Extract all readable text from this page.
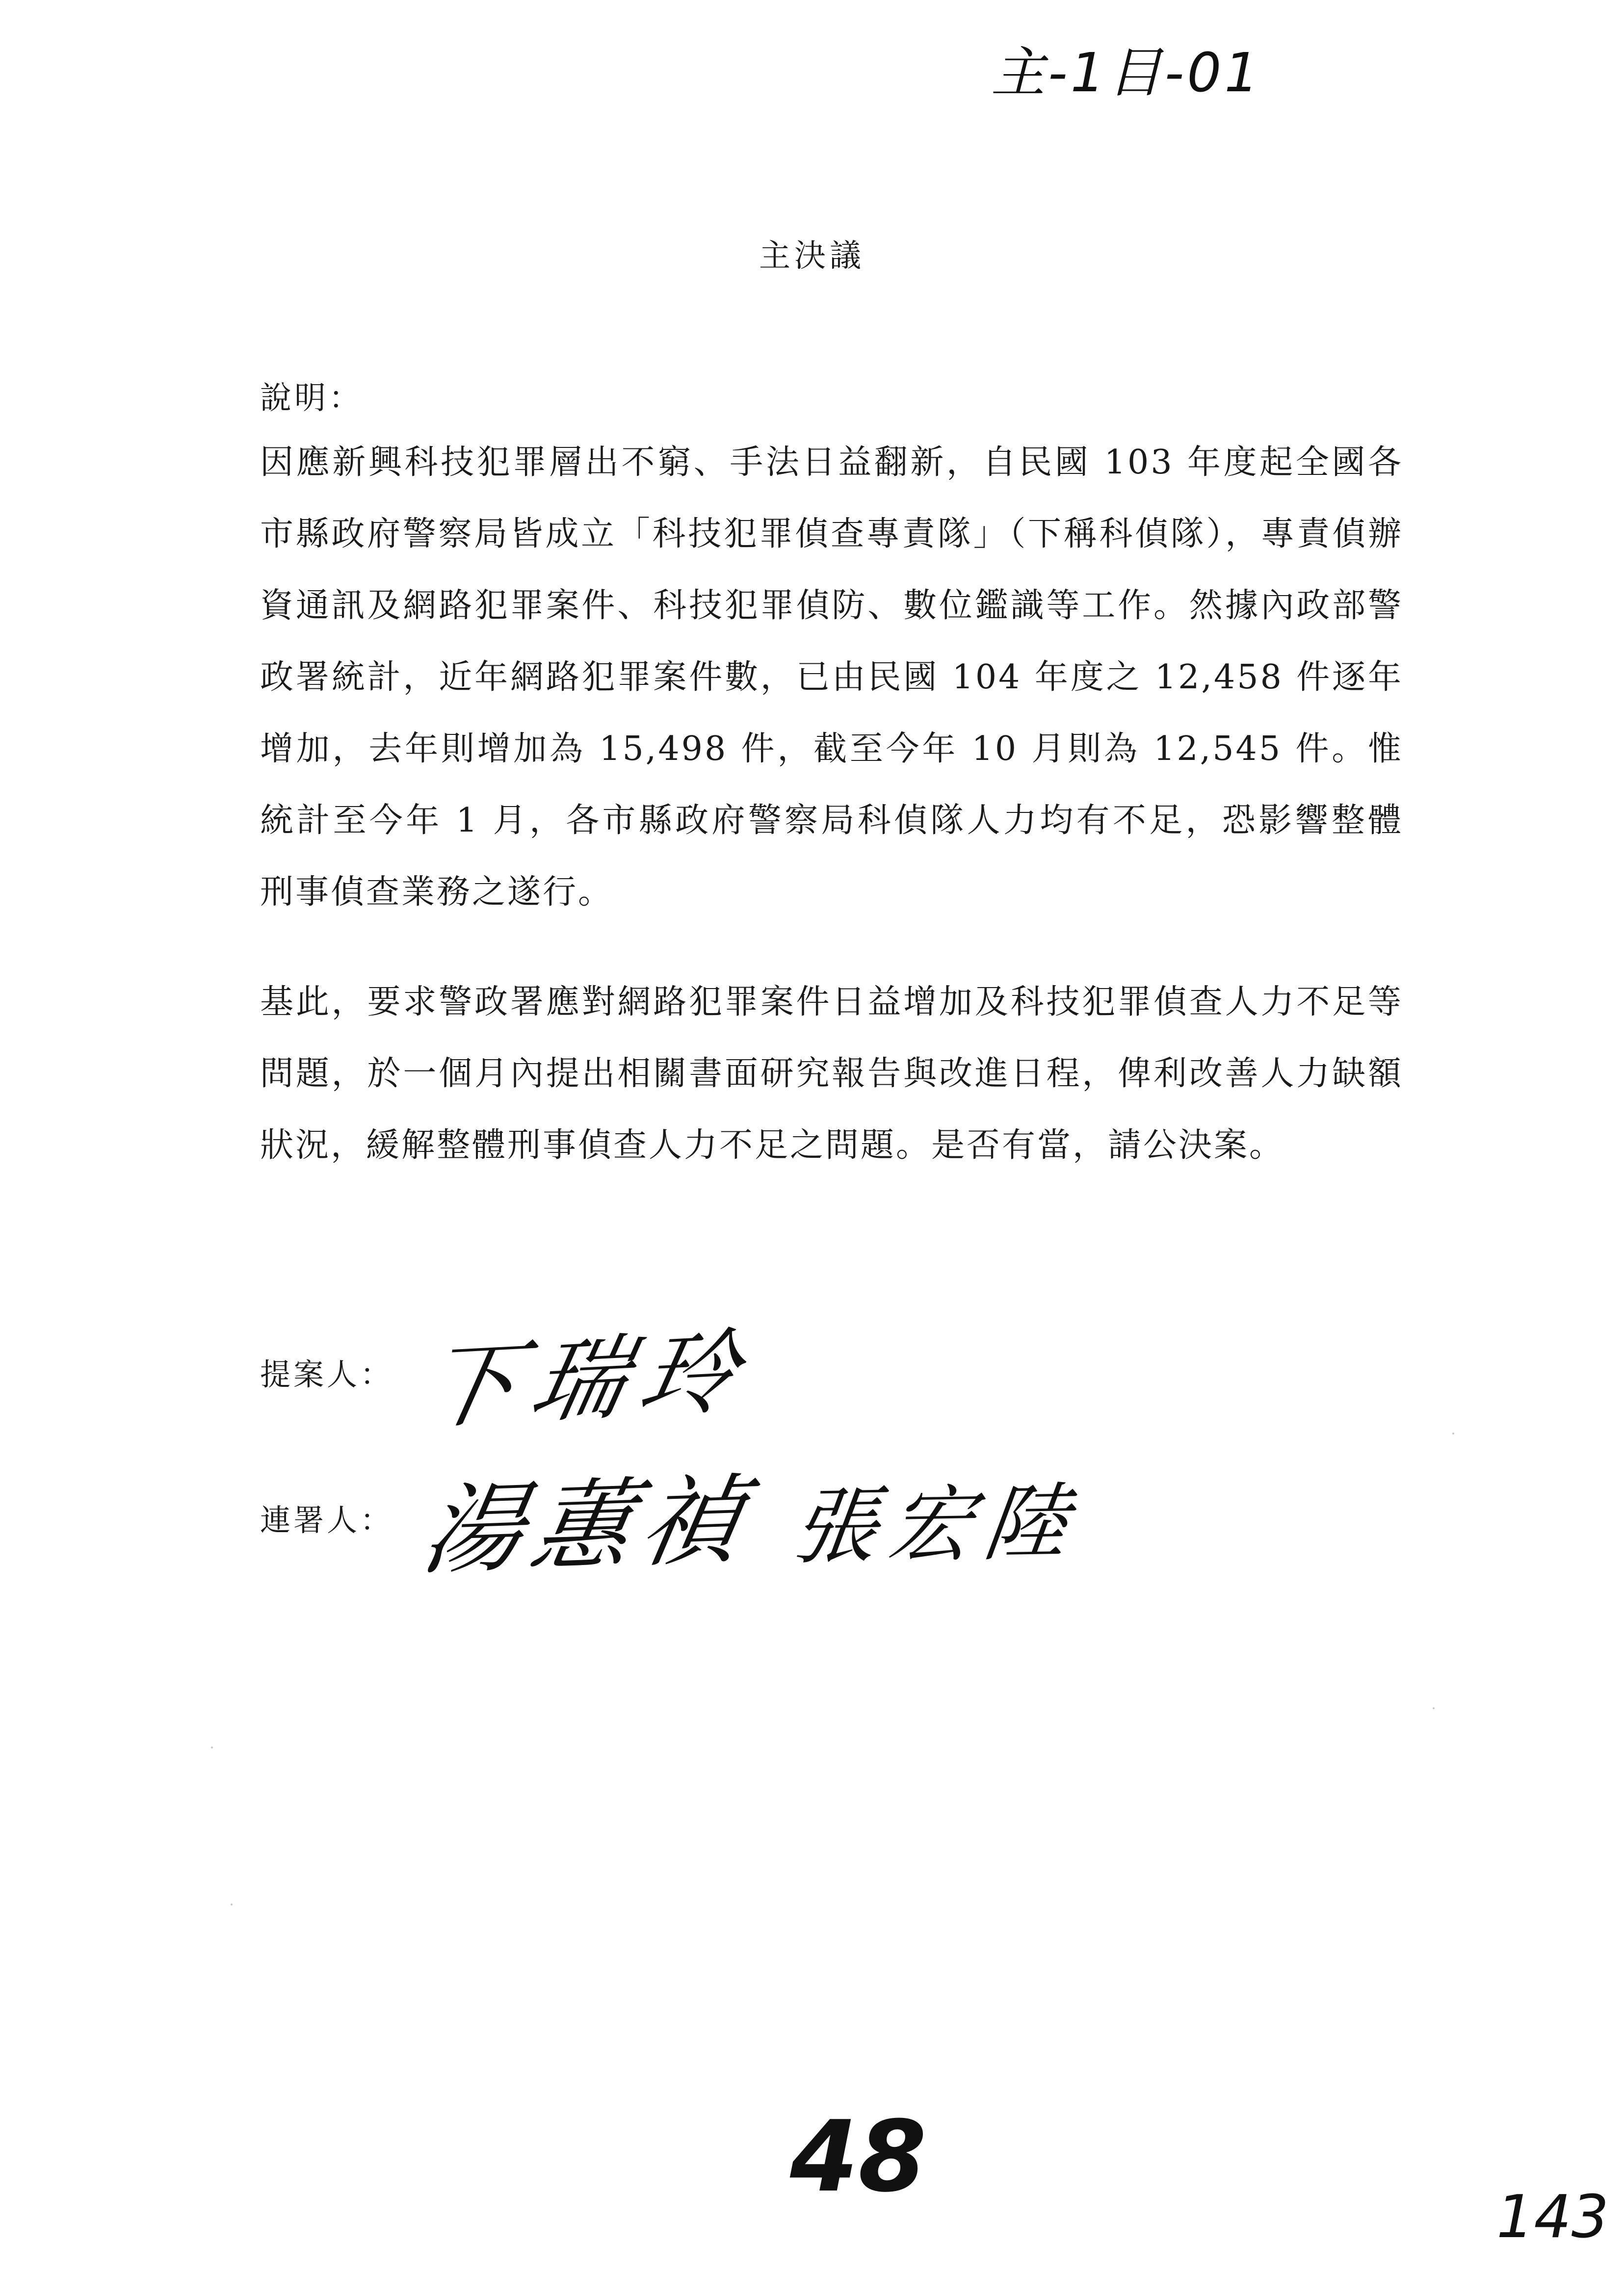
主-1目-01
主決議
說明：

因應新興科技犯罪層出不窮、手法日益翻新，自民國 103 年度起全國各市縣政府警察局皆成立「科技犯罪偵查專責隊」（下稱科偵隊），專責偵辦資通訊及網路犯罪案件、科技犯罪偵防、數位鑑識等工作。然據內政部警政署統計，近年網路犯罪案件數，已由民國 104 年度之 12,458 件逐年增加，去年則增加為 15,498 件，截至今年 10 月則為 12,545 件。惟統計至今年 1 月，各市縣政府警察局科偵隊人力均有不足，恐影響整體刑事偵查業務之遂行。

基此，要求警政署應對網路犯罪案件日益增加及科技犯罪偵查人力不足等問題，於一個月內提出相關書面研究報告與改進日程，俾利改善人力缺額狀況，緩解整體刑事偵查人力不足之問題。是否有當，請公決案。

提案人： 下瑞玲
連署人： 湯蕙禎 張宏陸
48
143
